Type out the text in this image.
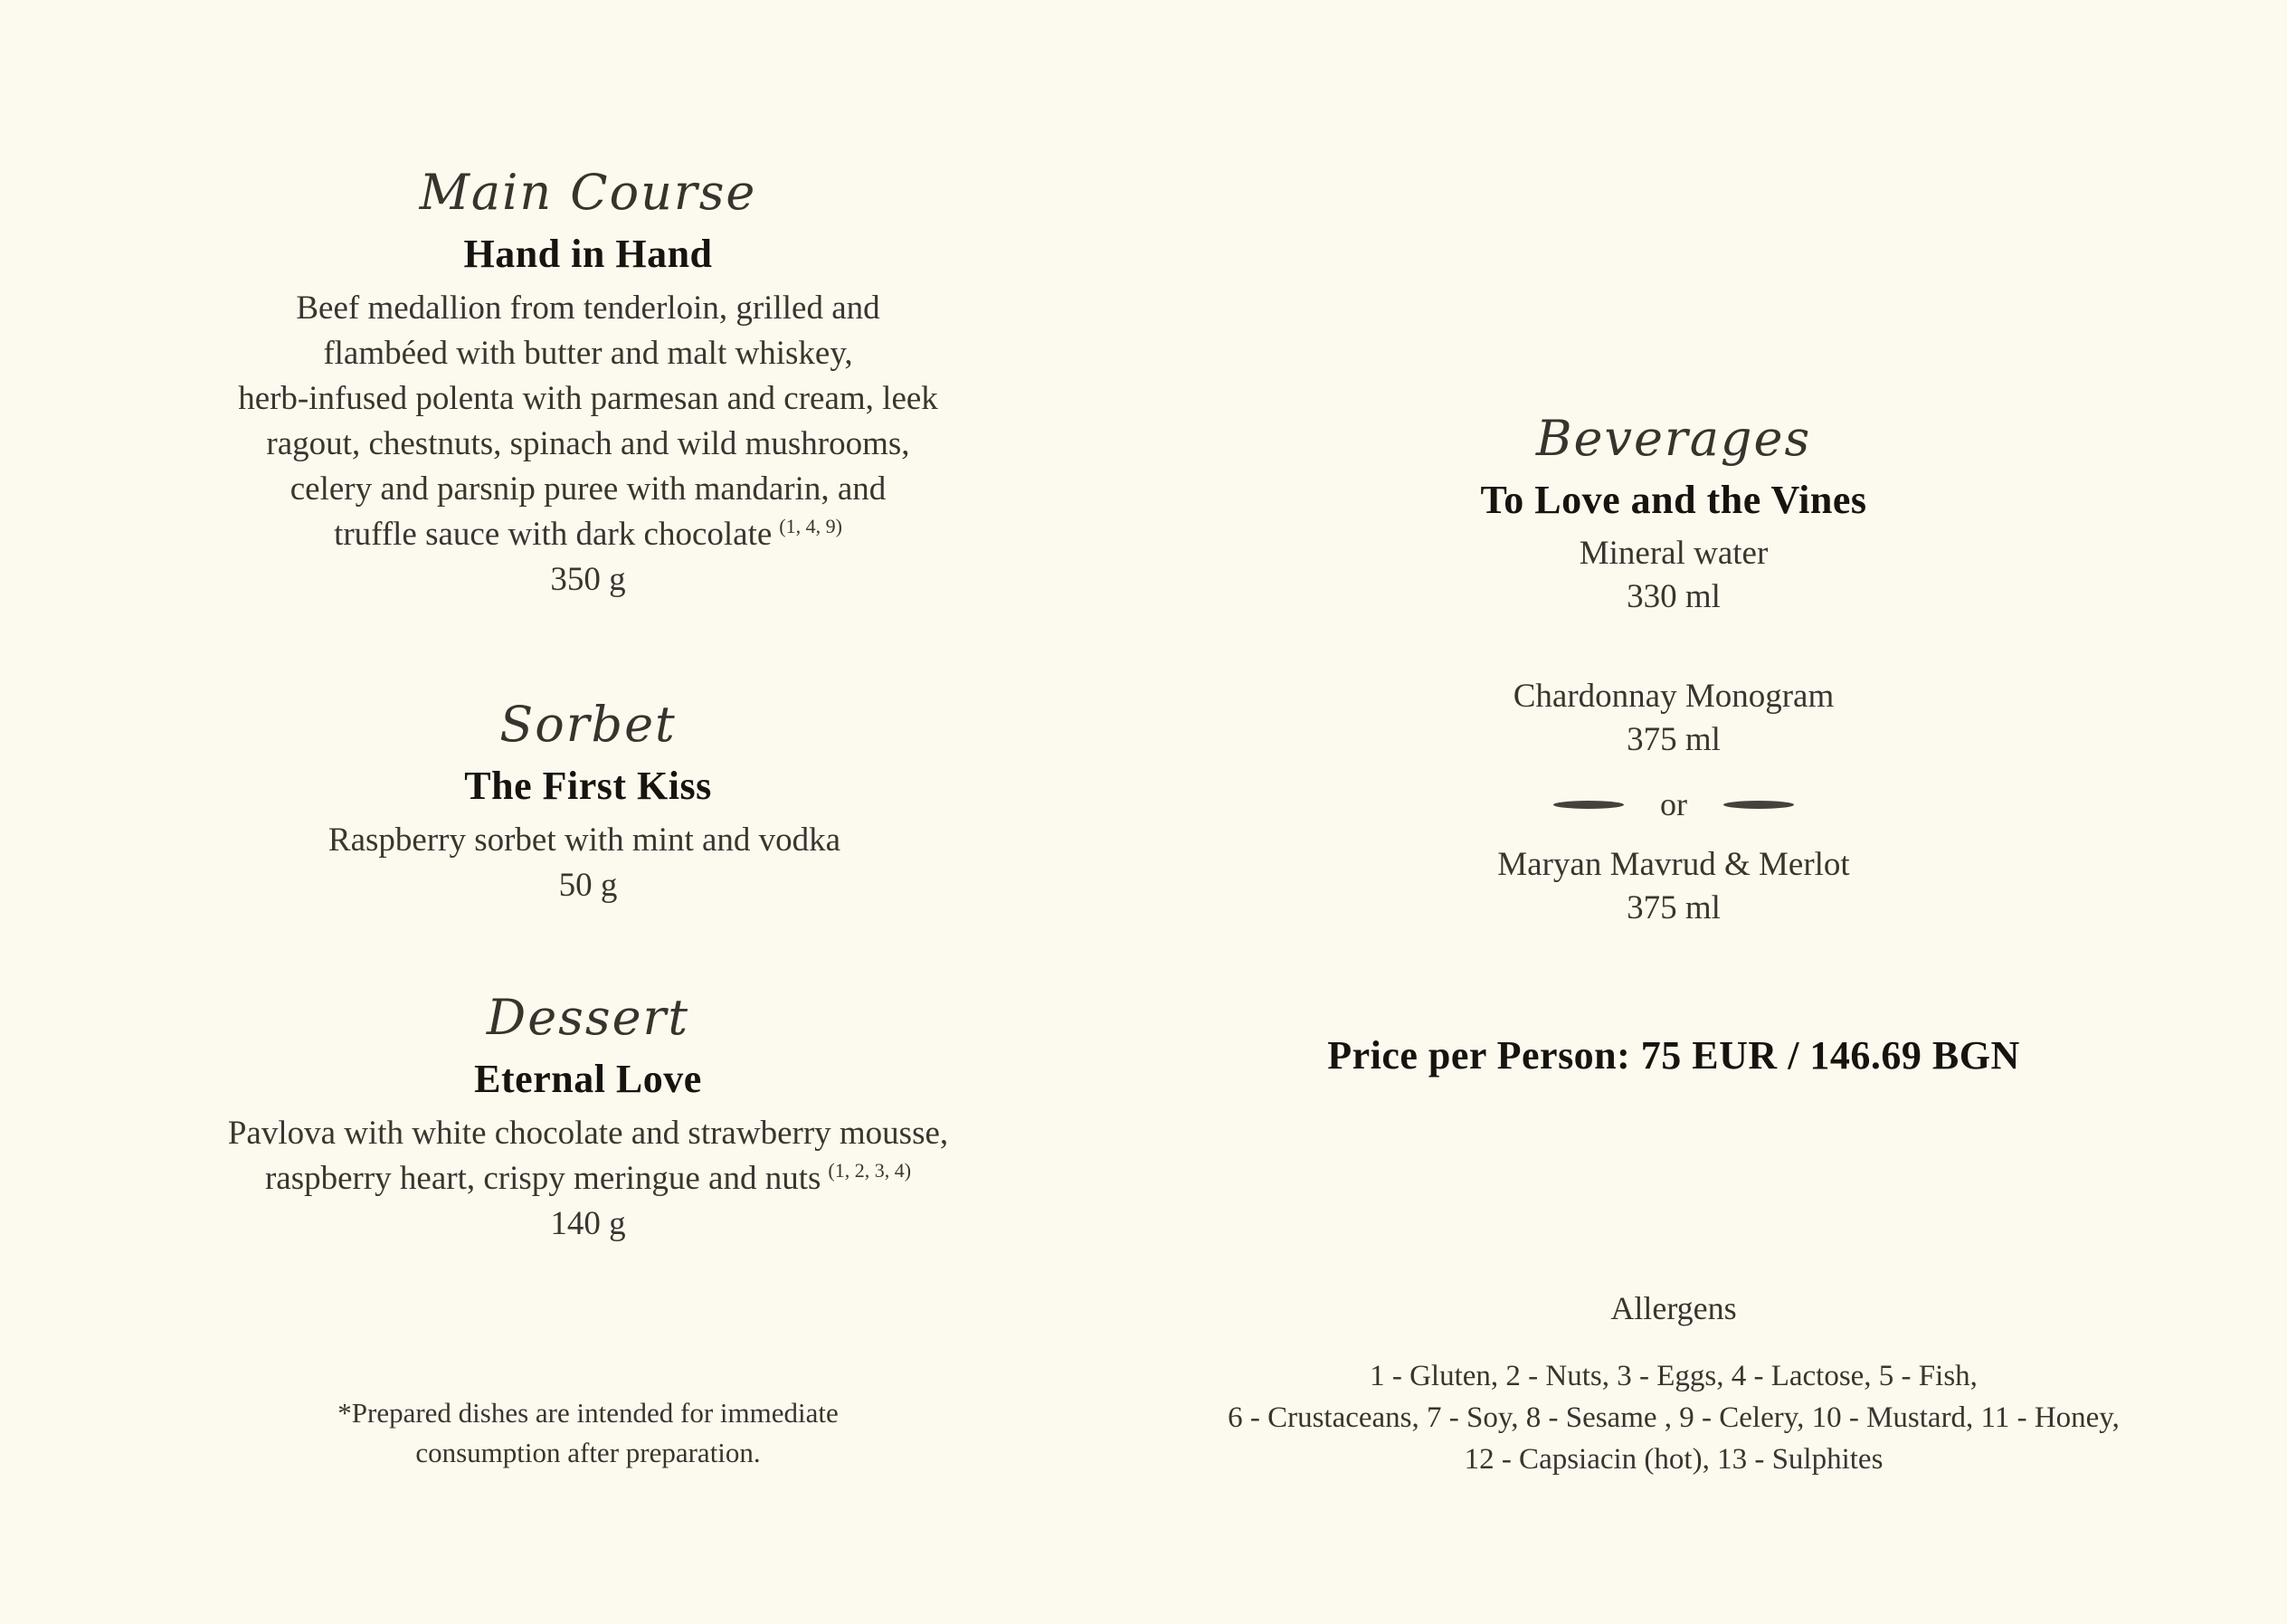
Main Course
Hand in Hand

Beef medallion from tenderloin, grilled and
flambéed with butter and malt whiskey,
herb-infused polenta with parmesan and cream, leek
ragout, chestnuts, spinach and wild mushrooms,
celery and parsnip puree with mandarin, and
truffle sauce with dark chocolate $^{(1, 4, 9)}$

350 g
Sorbet
The First Kiss

Raspberry sorbet with mint and vodka

50 g
Dessert
Eternal Love

Pavlova with white chocolate and strawberry mousse,
raspberry heart, crispy meringue and nuts $^{(1, 2, 3, 4)}$

140 g
*Prepared dishes are intended for immediate
consumption after preparation.
Beverages
To Love and the Vines
Mineral water
330 ml
Chardonnay Monogram
375 ml
or
Maryan Mavrud & Merlot
375 ml
Price per Person: 75 EUR / 146.69 BGN
Allergens
1 - Gluten, 2 - Nuts, 3 - Eggs, 4 - Lactose, 5 - Fish,
6 - Crustaceans, 7 - Soy, 8 - Sesame , 9 - Celery, 10 - Mustard, 11 - Honey,
12 - Capsiacin (hot), 13 - Sulphites
